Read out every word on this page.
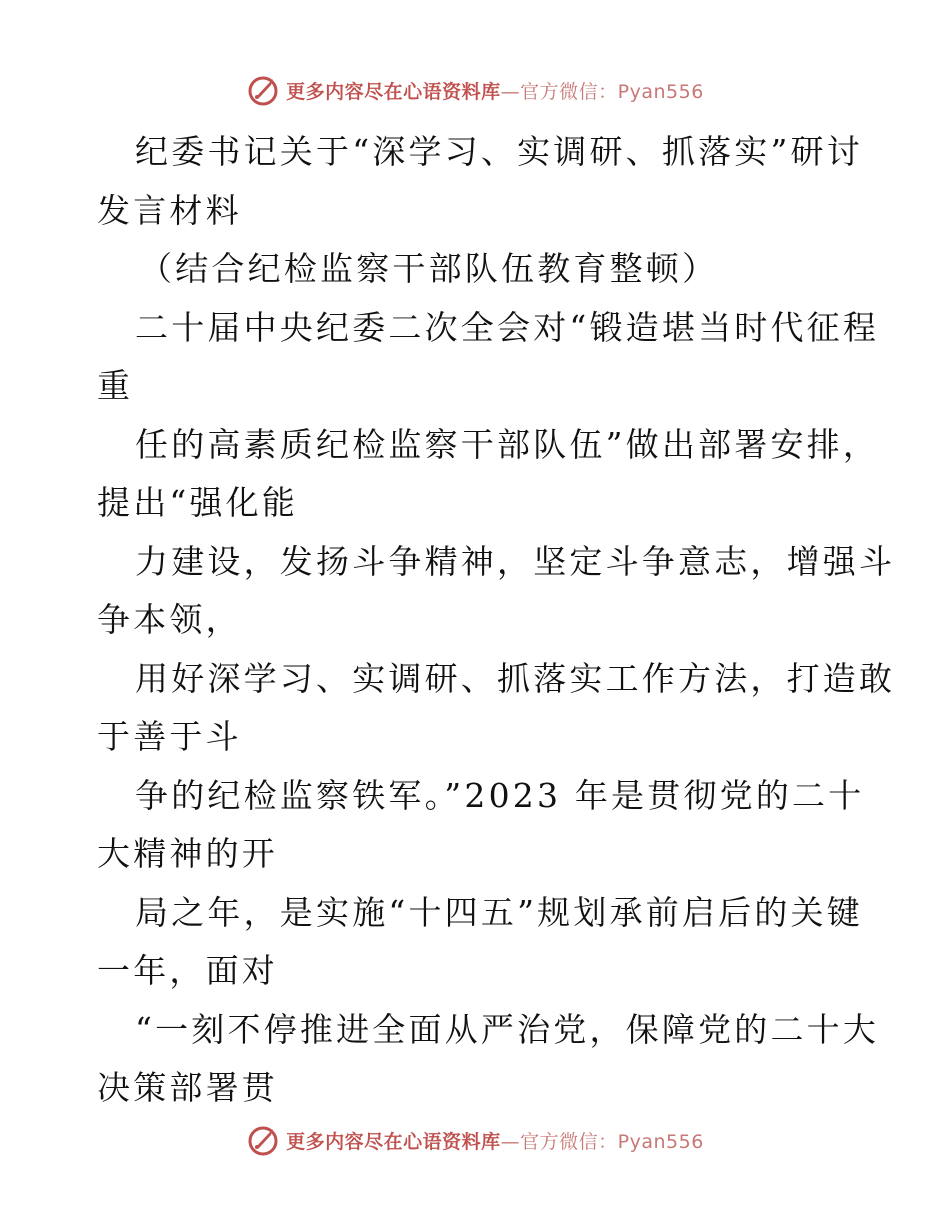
更多内容尽在心语资料库—官方微信：Pyan556
纪委书记关于“深学习、实调研、抓落实”研讨
发言材料
（结合纪检监察干部队伍教育整顿）
二十届中央纪委二次全会对“锻造堪当时代征程
重
任的高素质纪检监察干部队伍”做出部署安排，
提出“强化能
力建设，发扬斗争精神，坚定斗争意志，增强斗
争本领，
用好深学习、实调研、抓落实工作方法，打造敢
于善于斗
争的纪检监察铁军。”2023 年是贯彻党的二十
大精神的开
局之年，是实施“十四五”规划承前启后的关键
一年，面对
“一刻不停推进全面从严治党，保障党的二十大
决策部署贯
更多内容尽在心语资料库—官方微信：Pyan556
